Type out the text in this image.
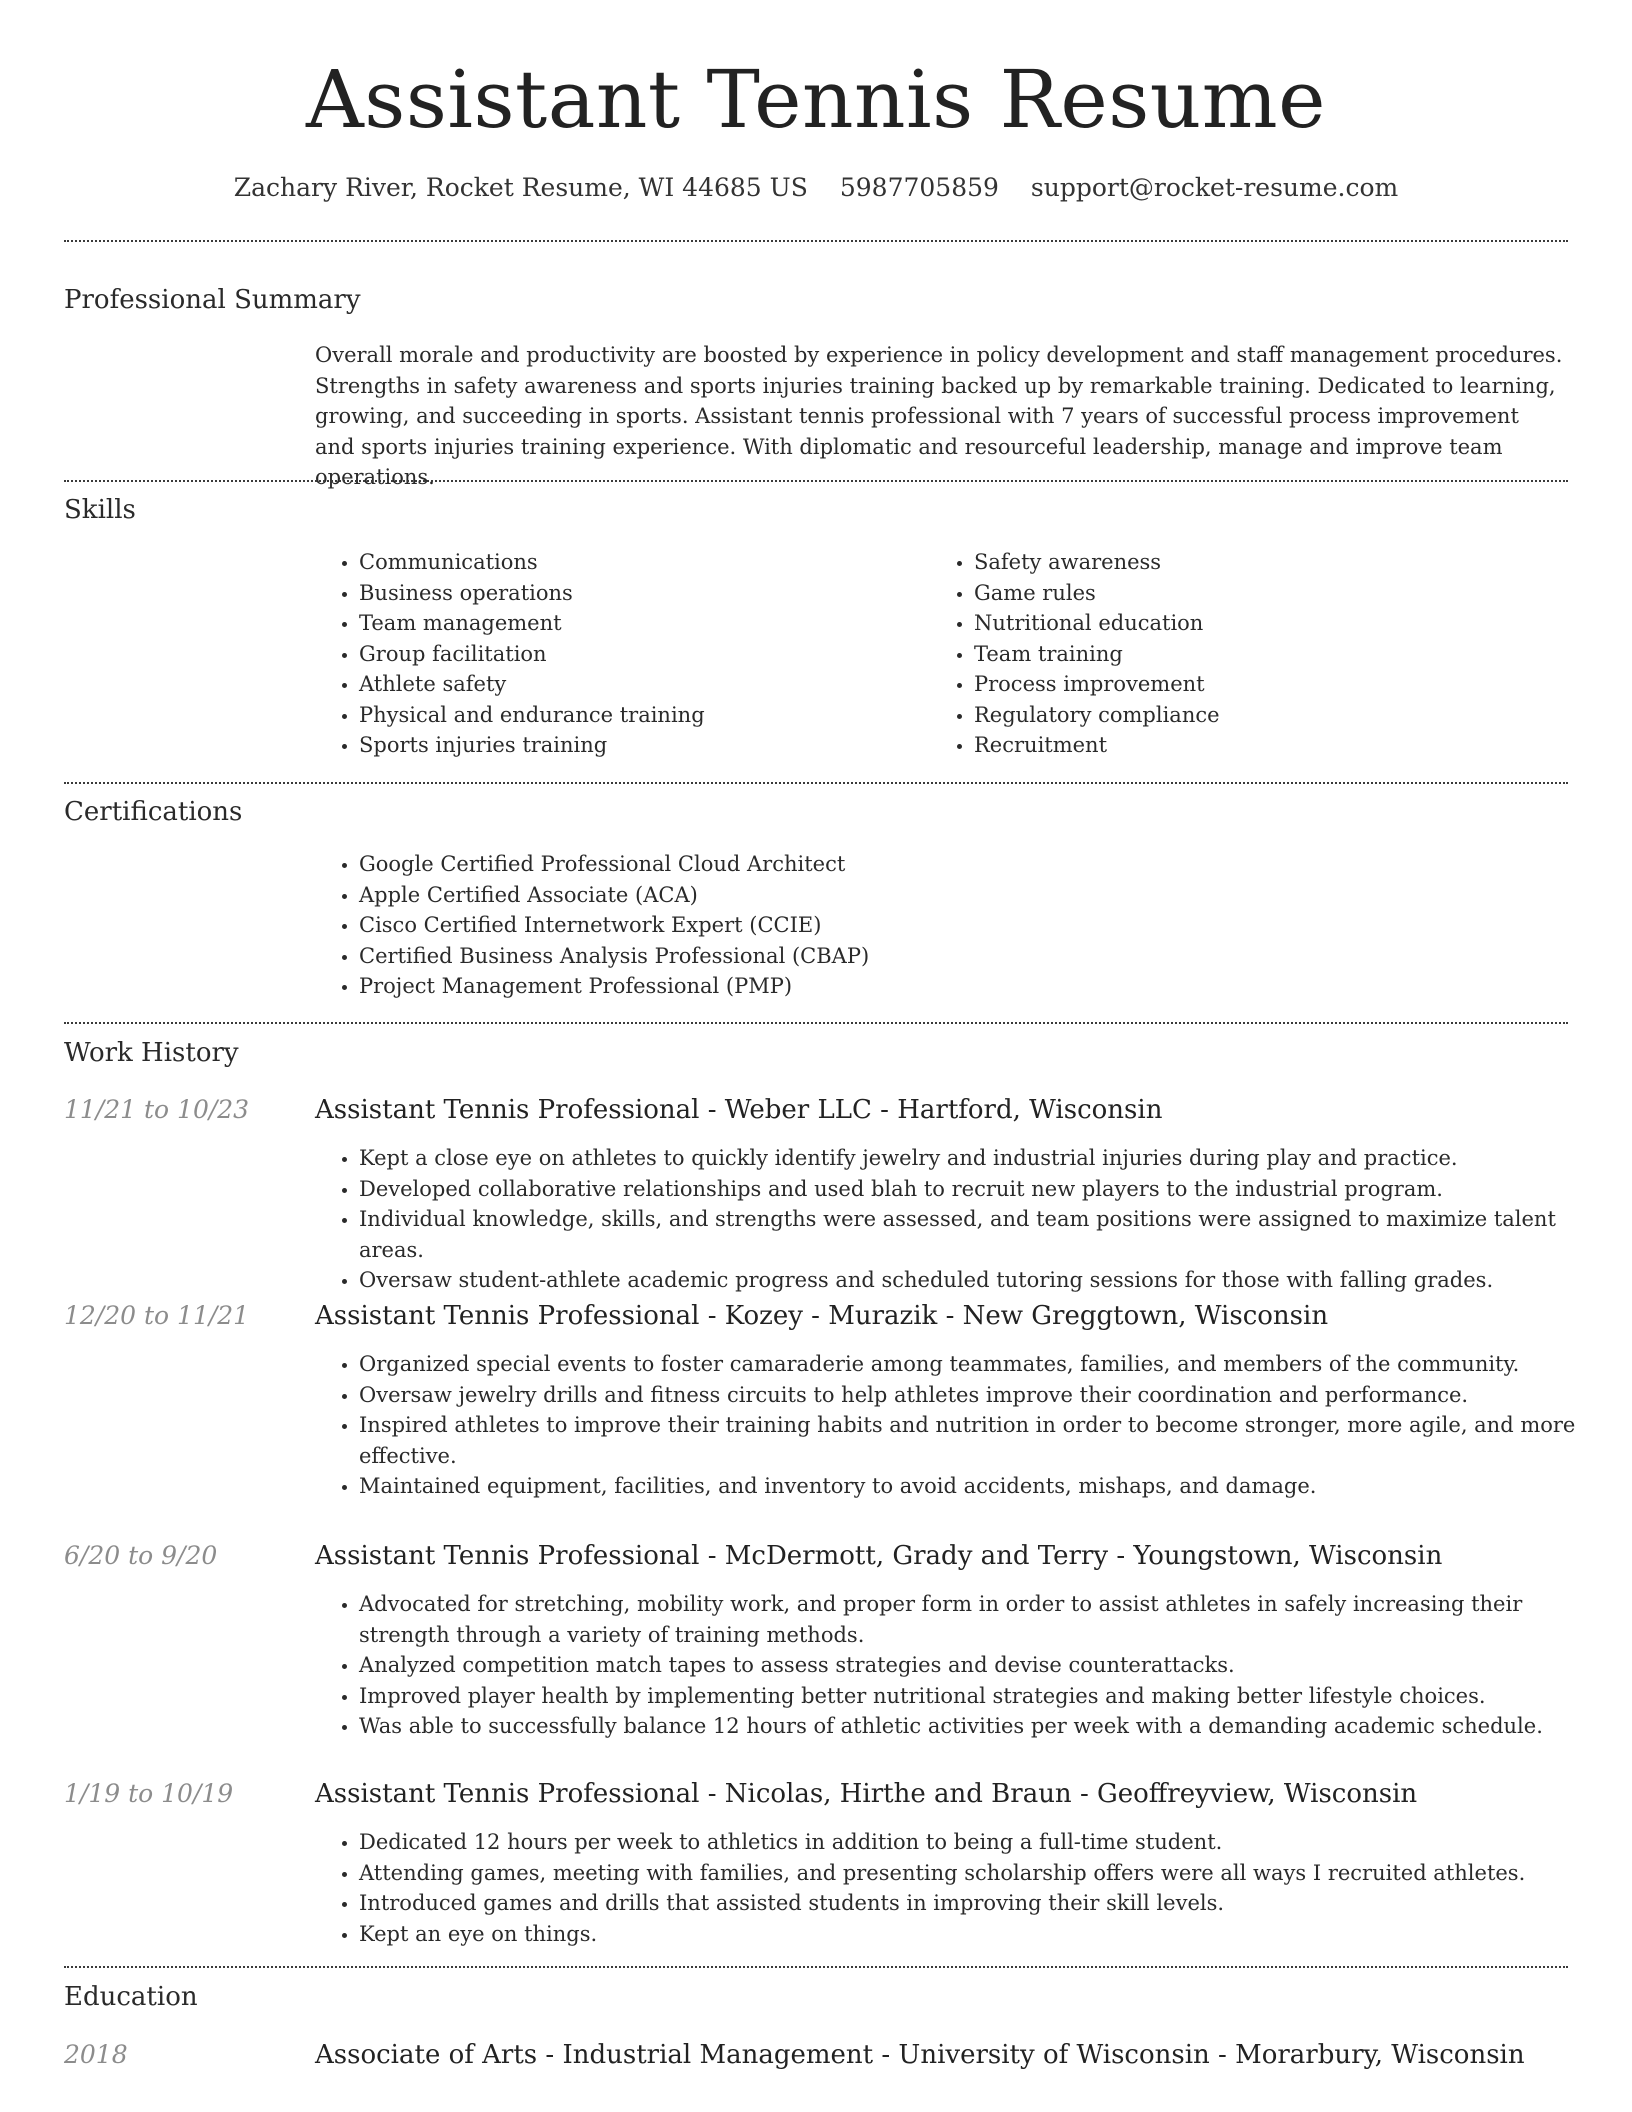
Assistant Tennis Resume
Zachary River, Rocket Resume, WI 44685 US 5987705859 support@rocket-resume.com
Professional Summary

Overall morale and productivity are boosted by experience in policy development and staff management procedures. Strengths in safety awareness and sports injuries training backed up by remarkable training. Dedicated to learning, growing, and succeeding in sports. Assistant tennis professional with 7 years of successful process improvement and sports injuries training experience. With diplomatic and resourceful leadership, manage and improve team operations.

Skills
• Communications
• Business operations
• Team management
• Group facilitation
• Athlete safety
• Physical and endurance training
• Sports injuries training
• Safety awareness
• Game rules
• Nutritional education
• Team training
• Process improvement
• Regulatory compliance
• Recruitment
Certifications
• Google Certified Professional Cloud Architect
• Apple Certified Associate (ACA)
• Cisco Certified Internetwork Expert (CCIE)
• Certified Business Analysis Professional (CBAP)
• Project Management Professional (PMP)
Work History
11/21 to 10/23	Assistant Tennis Professional - Weber LLC - Hartford, Wisconsin
• Kept a close eye on athletes to quickly identify jewelry and industrial injuries during play and practice.
• Developed collaborative relationships and used blah to recruit new players to the industrial program.
• Individual knowledge, skills, and strengths were assessed, and team positions were assigned to maximize talent areas.
• Oversaw student-athlete academic progress and scheduled tutoring sessions for those with falling grades.
12/20 to 11/21	Assistant Tennis Professional - Kozey - Murazik - New Greggtown, Wisconsin
• Organized special events to foster camaraderie among teammates, families, and members of the community.
• Oversaw jewelry drills and fitness circuits to help athletes improve their coordination and performance.
• Inspired athletes to improve their training habits and nutrition in order to become stronger, more agile, and more effective.
• Maintained equipment, facilities, and inventory to avoid accidents, mishaps, and damage.
6/20 to 9/20	Assistant Tennis Professional - McDermott, Grady and Terry - Youngstown, Wisconsin
• Advocated for stretching, mobility work, and proper form in order to assist athletes in safely increasing their strength through a variety of training methods.
• Analyzed competition match tapes to assess strategies and devise counterattacks.
• Improved player health by implementing better nutritional strategies and making better lifestyle choices.
• Was able to successfully balance 12 hours of athletic activities per week with a demanding academic schedule.
1/19 to 10/19	Assistant Tennis Professional - Nicolas, Hirthe and Braun - Geoffreyview, Wisconsin
• Dedicated 12 hours per week to athletics in addition to being a full-time student.
• Attending games, meeting with families, and presenting scholarship offers were all ways I recruited athletes.
• Introduced games and drills that assisted students in improving their skill levels.
• Kept an eye on things.
Education
2018	Associate of Arts - Industrial Management - University of Wisconsin - Morarbury, Wisconsin
